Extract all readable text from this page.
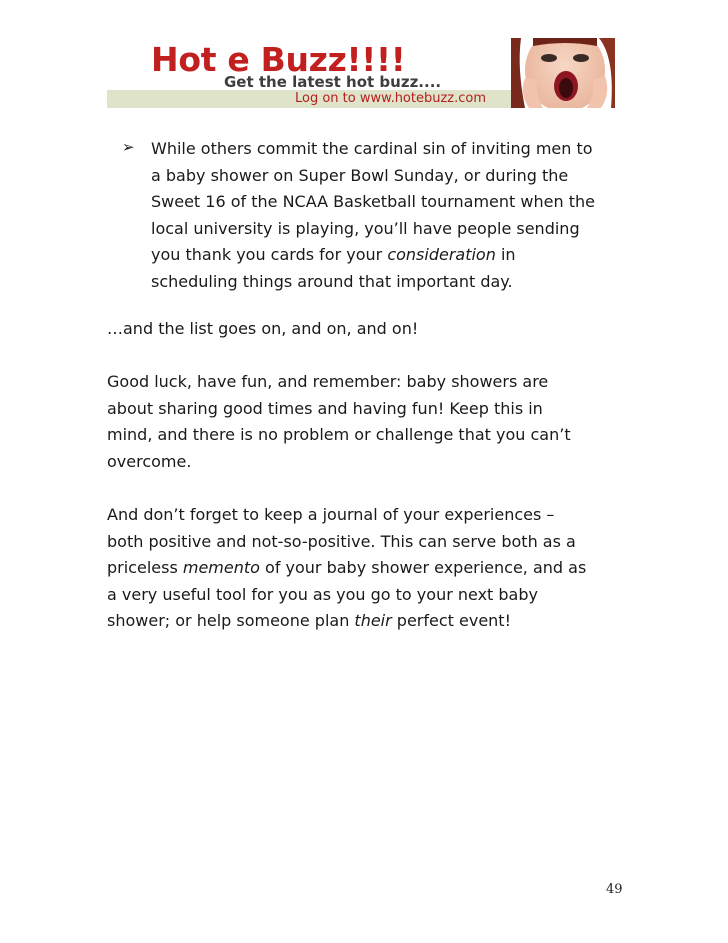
Hot e Buzz!!!!
Get the latest hot buzz....
Log on to www.hotebuzz.com
➢ While others commit the cardinal sin of inviting men to
a baby shower on Super Bowl Sunday, or during the
Sweet 16 of the NCAA Basketball tournament when the
local university is playing, you’ll have people sending
you thank you cards for your consideration in
scheduling things around that important day.
…and the list goes on, and on, and on!
Good luck, have fun, and remember: baby showers are
about sharing good times and having fun! Keep this in
mind, and there is no problem or challenge that you can’t
overcome.
And don’t forget to keep a journal of your experiences –
both positive and not-so-positive. This can serve both as a
priceless memento of your baby shower experience, and as
a very useful tool for you as you go to your next baby
shower; or help someone plan their perfect event!
49
